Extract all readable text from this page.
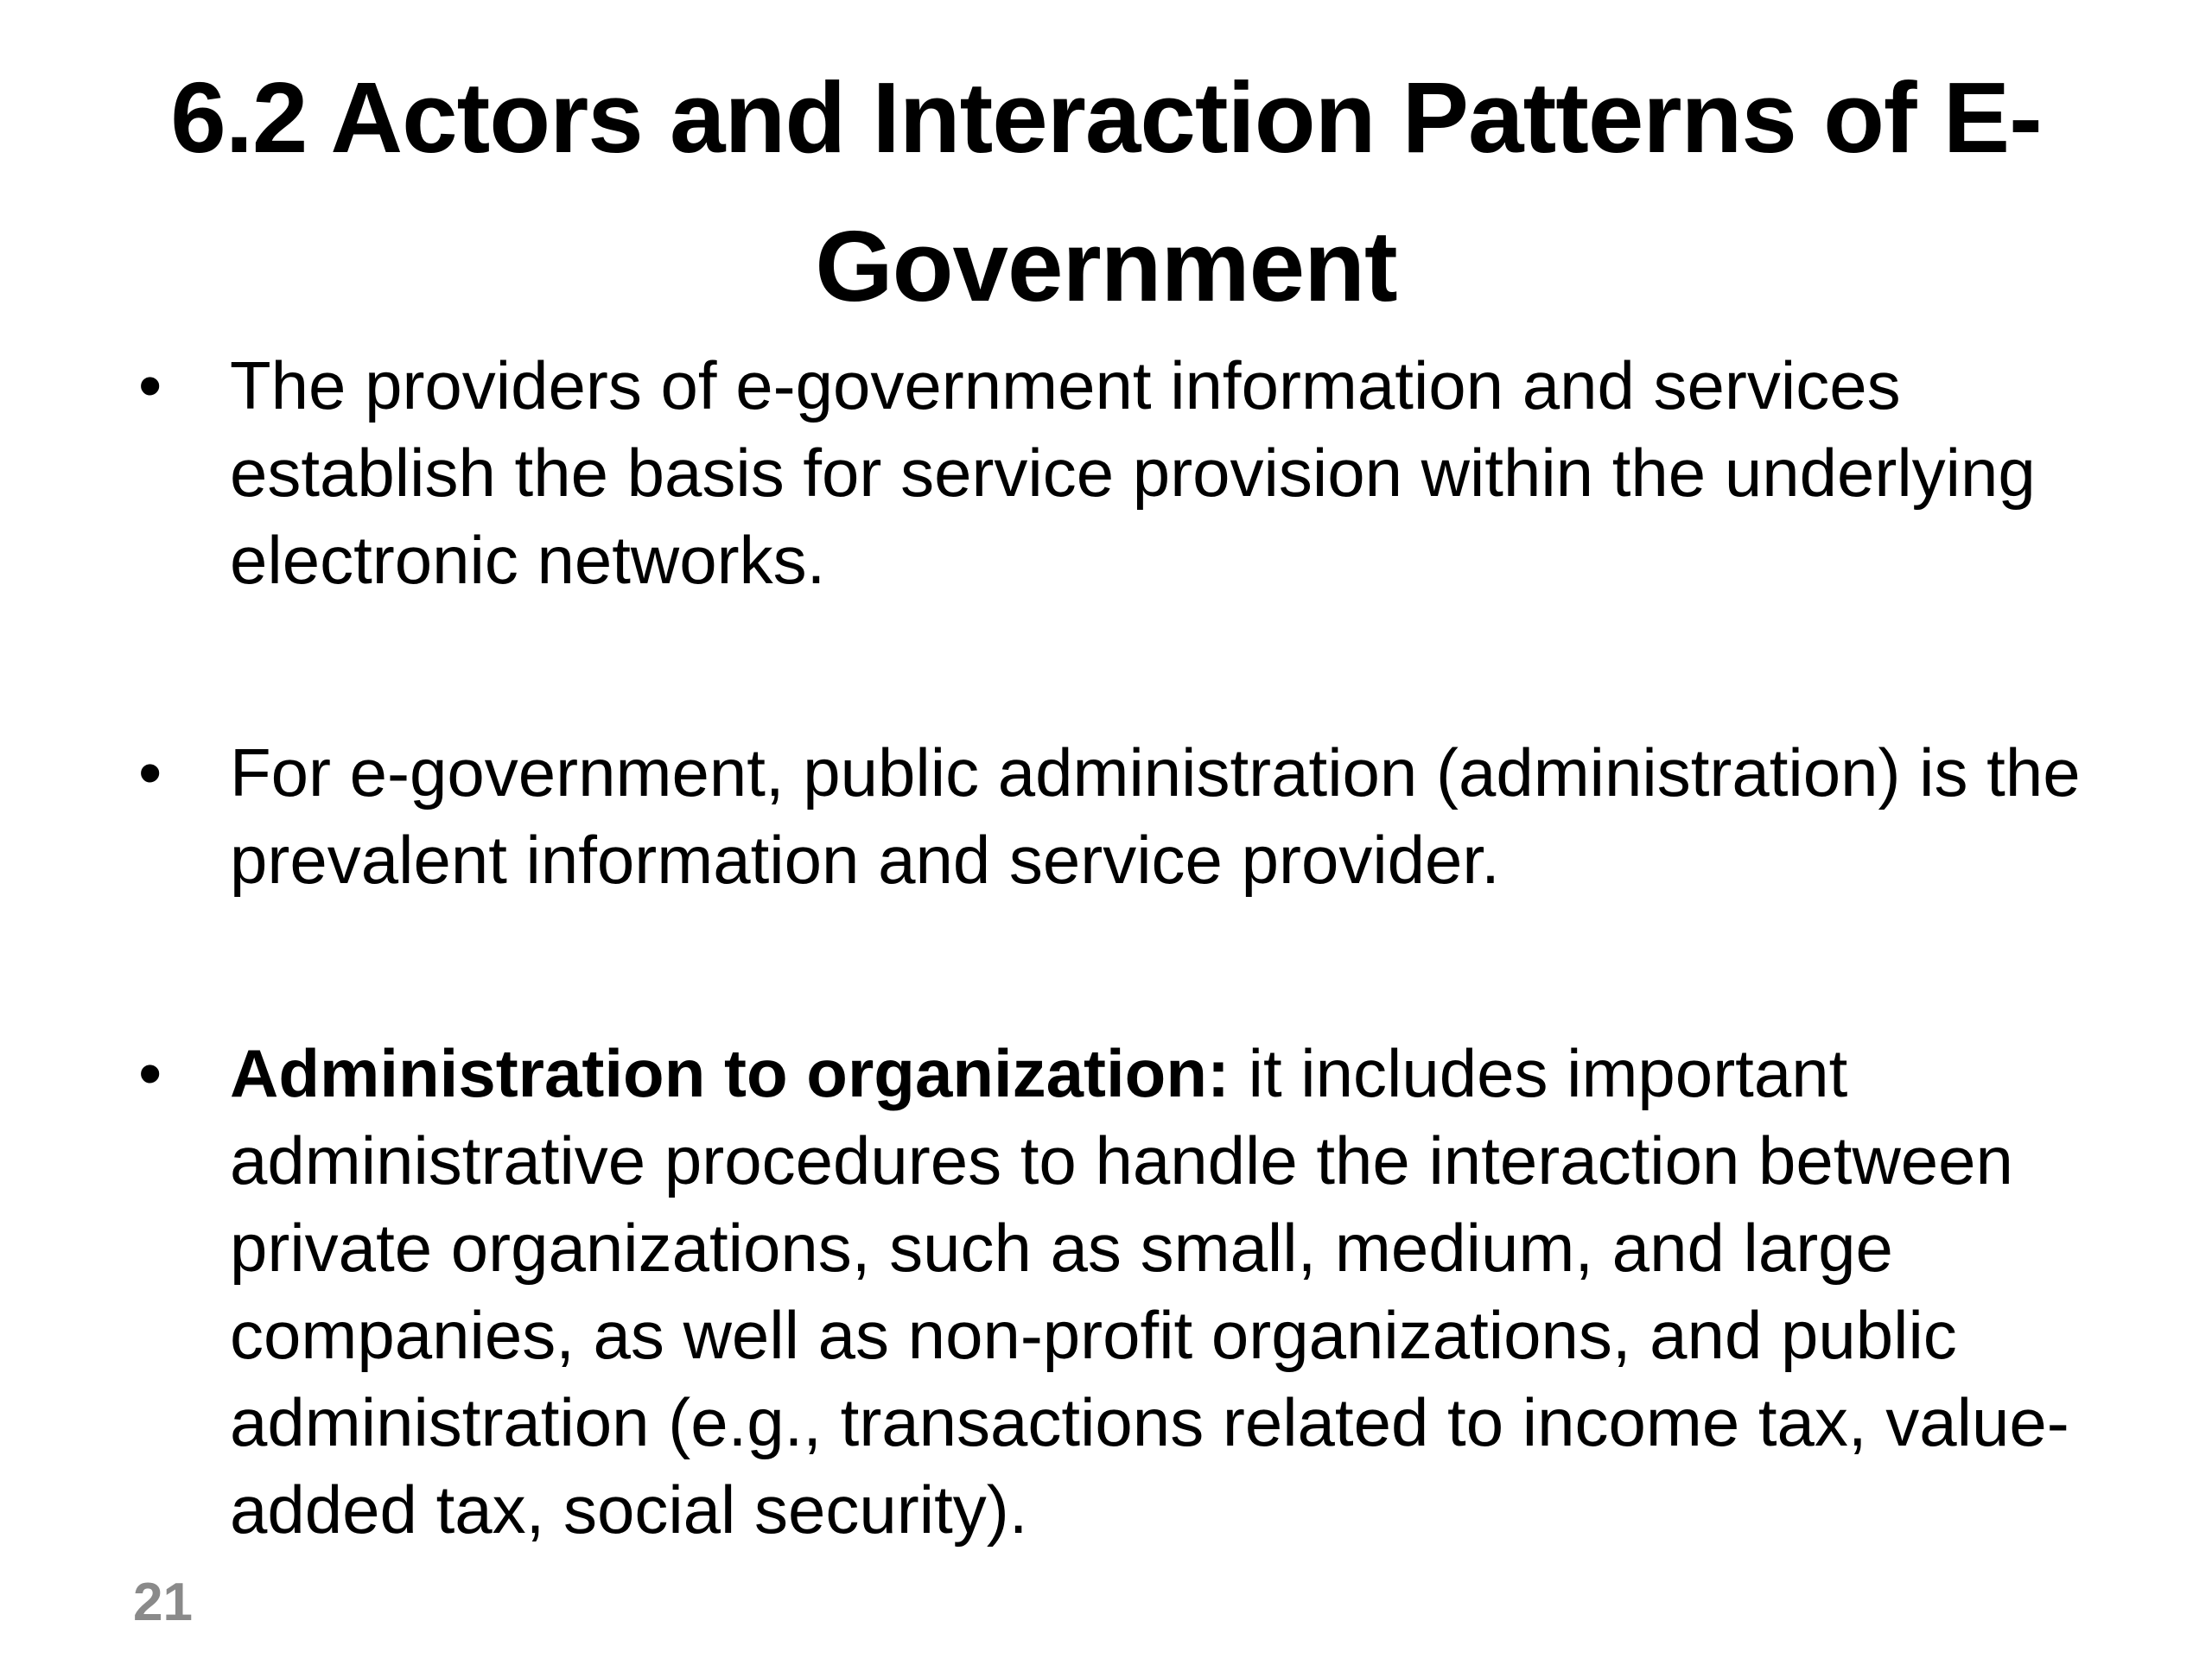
6.2 Actors and Interaction Patterns of E-Government
•	The providers of e-government information and services establish the basis for service provision within the underlying electronic networks.
•	For e-government, public administration (administration) is the prevalent information and service provider.
•	Administration to organization: it includes important administrative procedures to handle the interaction between private organizations, such as small, medium, and large companies, as well as non-profit organizations, and public administration (e.g., transactions related to income tax, value-added tax, social security).
21
